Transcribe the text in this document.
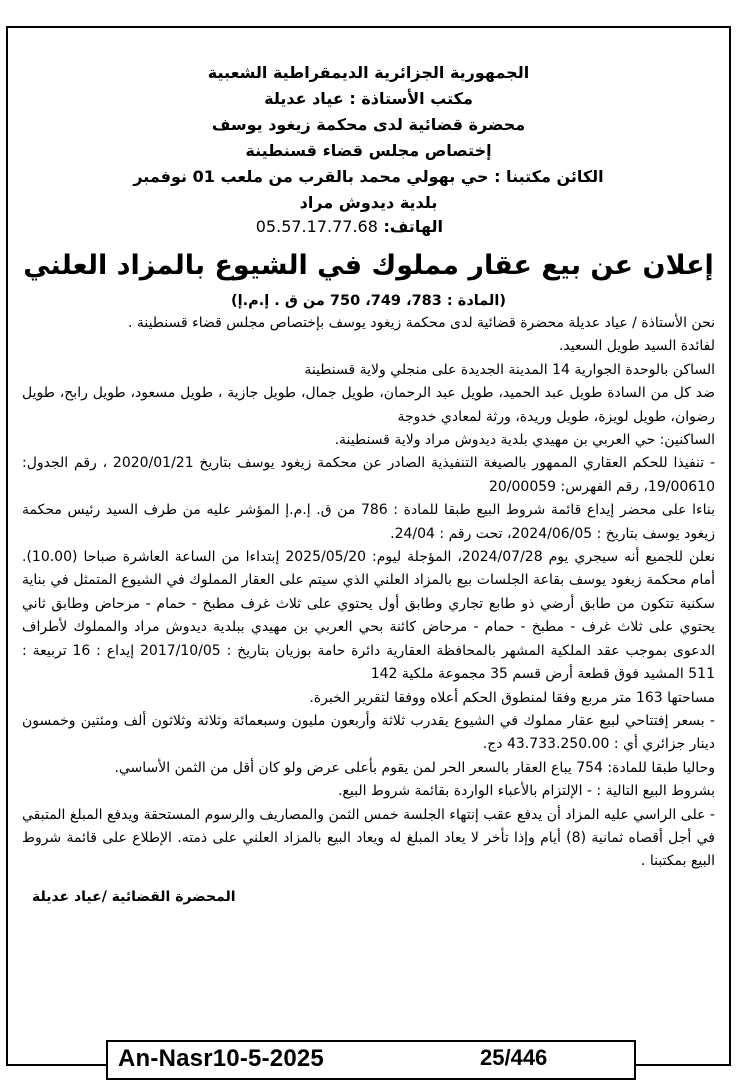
الجمهورية الجزائرية الديمقراطية الشعبية

مكتب الأستاذة : عياد عديلة

محضرة قضائية لدى محكمة زيغود يوسف

إختصاص مجلس قضاء قسنطينة

الكائن مكتبنا : حي بهولي محمد بالقرب من ملعب 01 نوفمبر

بلدية ديدوش مراد

الهاتف: 05.57.17.77.68

إعلان عن بيع عقار مملوك في الشيوع بالمزاد العلني

(المادة : 783، 749، 750 من ق . إ.م.إ)

نحن الأستاذة / عياد عديلة محضرة قضائية لدى محكمة زيغود يوسف بإختصاص مجلس قضاء قسنطينة .

لفائدة السيد طويل السعيد.

الساكن بالوحدة الجوارية 14 المدينة الجديدة على منجلي ولاية قسنطينة

ضد كل من السادة طويل عبد الحميد، طويل عبد الرحمان، طويل جمال، طويل جازية ، طويل مسعود، طويل رابح، طويل رضوان، طويل لويزة، طويل وريدة، ورثة لمعادي خدوجة

الساكنين: حي العربي بن مهيدي بلدية ديدوش مراد ولاية قسنطينة.

- تنفيذا للحكم العقاري الممهور بالصيغة التنفيذية الصادر عن محكمة زيغود يوسف بتاريخ 2020/01/21 ، رقم الجدول: 19/00610، رقم الفهرس: 20/00059

بناءا على محضر إيداع قائمة شروط البيع طبقا للمادة : 786 من ق. إ.م.إ المؤشر عليه من طرف السيد رئيس محكمة زيغود يوسف بتاريخ : 2024/06/05، تحت رقم : 24/04.

نعلن للجميع أنه سيجري يوم 2024/07/28، المؤجلة ليوم: 2025/05/20 إبتداءا من الساعة العاشرة صباحا (10.00). أمام محكمة زيغود يوسف بقاعة الجلسات بيع بالمزاد العلني الذي سيتم على العقار المملوك في الشيوع المتمثل في بناية سكنية تتكون من طابق أرضي ذو طابع تجاري وطابق أول يحتوي على ثلاث غرف مطبخ - حمام - مرحاض وطابق ثاني يحتوي على ثلاث غرف - مطبخ - حمام - مرحاض كائنة بحي العربي بن مهيدي ببلدية ديدوش مراد والمملوك لأطراف الدعوى بموجب عقد الملكية المشهر بالمحافظة العقارية دائرة حامة بوزيان بتاريخ : 2017/10/05 إيداع : 16 تربيعة : 511 المشيد فوق قطعة أرض قسم 35 مجموعة ملكية 142

مساحتها 163 متر مربع وفقا لمنطوق الحكم أعلاه ووفقا لتقرير الخبرة.

- بسعر إفتتاحي لبيع عقار مملوك في الشيوع يقدرب ثلاثة وأربعون مليون وسبعمائة وثلاثة وثلاثون ألف ومئتين وخمسون دينار جزائري أي : 43.733.250.00 دج.

وحاليا طبقا للمادة: 754 يباع العقار بالسعر الحر لمن يقوم بأعلى عرض ولو كان أقل من الثمن الأساسي.

بشروط البيع التالية : - الإلتزام بالأعباء الواردة بقائمة شروط البيع.

- على الراسي عليه المزاد أن يدفع عقب إنتهاء الجلسة خمس الثمن والمصاريف والرسوم المستحقة ويدفع المبلغ المتبقي في أجل أقصاه ثمانية (8) أيام وإذا تأخر لا يعاد المبلغ له ويعاد البيع بالمزاد العلني على ذمته. الإطلاع على قائمة شروط البيع بمكتبنا .

المحضرة القضائية /عياد عديلة

An-Nasr10-5-2025	25/446
